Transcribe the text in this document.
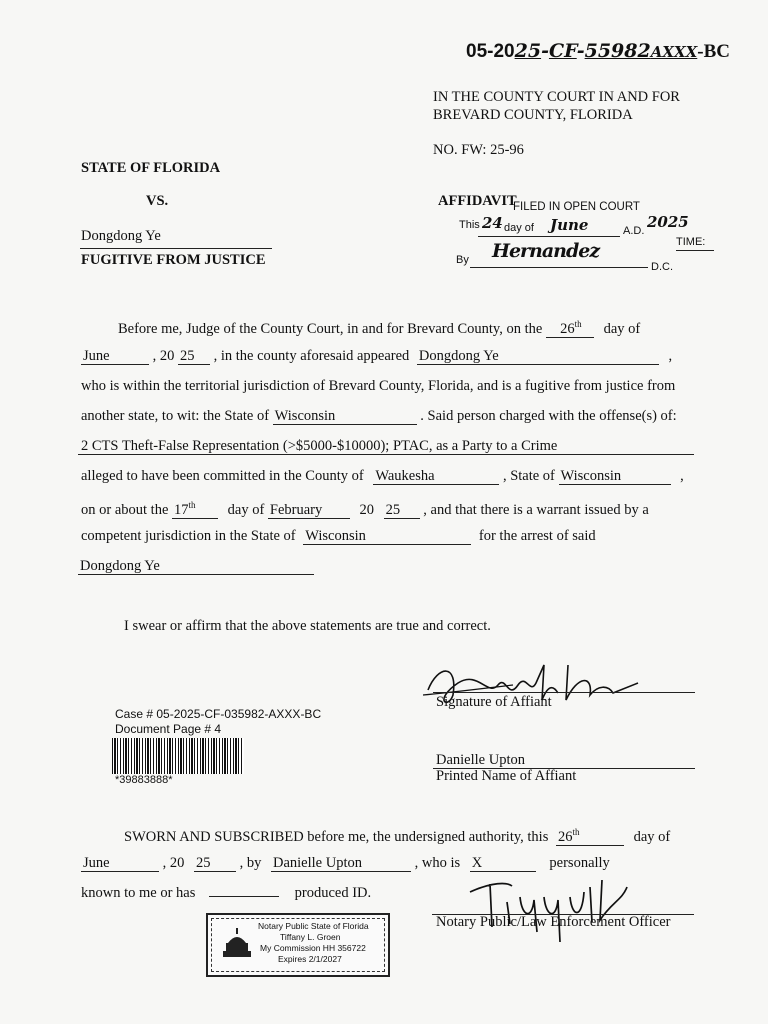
05-2025-CF-55982AXXX-BC
IN THE COUNTY COURT IN AND FOR
BREVARD COUNTY, FLORIDA
NO. FW: 25-96
STATE OF FLORIDA
VS.
Dongdong Ye
FUGITIVE FROM JUSTICE
AFFIDAVIT
FILED IN OPEN COURT
This 24 day of June	A.D. 2025
TIME:
By Hernandez
D.C.
Before me, Judge of the County Court, in and for Brevard County, on the 26th day of
June	, 20 25 , in the county aforesaid appeared Dongdong Ye	,
who is within the territorial jurisdiction of Brevard County, Florida, and is a fugitive from justice from
another state, to wit: the State of Wisconsin	. Said person charged with the offense(s) of:
2 CTS Theft-False Representation (>$5000-$10000); PTAC, as a Party to a Crime
alleged to have been committed in the County of Waukesha	, State of Wisconsin	,
on or about the 17th day of February	20 25 , and that there is a warrant issued by a
competent jurisdiction in the State of Wisconsin	for the arrest of said
Dongdong Ye
I swear or affirm that the above statements are true and correct.
Signature of Affiant
Case # 05-2025-CF-035982-AXXX-BC
Document Page # 4
*39883888*
Danielle Upton
Printed Name of Affiant
SWORN AND SUBSCRIBED before me, the undersigned authority, this 26th	day of
June	, 20 25 , by Danielle Upton	, who is X	personally
known to me or has	produced ID.
Notary Public/Law Enforcement Officer
Notary Public State of Florida
Tiffany L. Groen
My Commission HH 356722
Expires 2/1/2027
